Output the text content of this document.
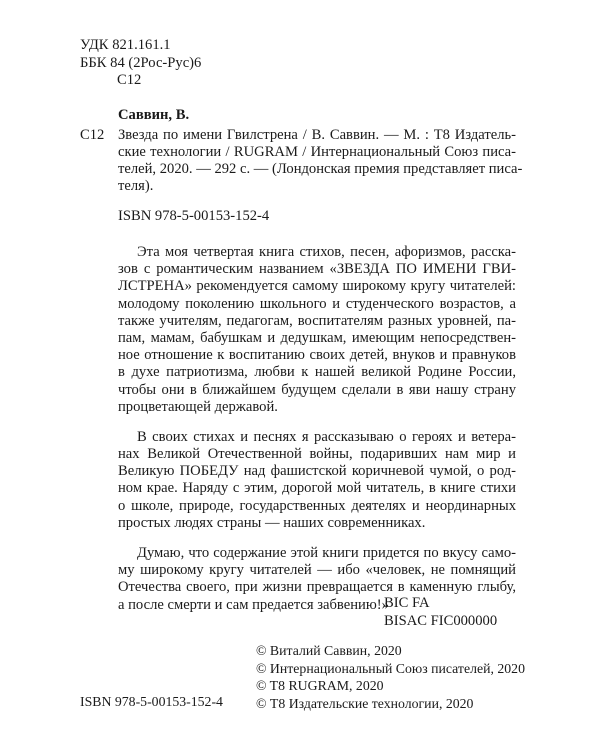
УДК 821.161.1
ББК 84 (2Рос-Рус)6
С12
Саввин, В.
С12 Звезда по имени Гвилстрена / В. Саввин. — М. : Т8 Издатель-
ские технологии / RUGRAM / Интернациональный Союз писа-
телей, 2020. — 292 с. — (Лондонская премия представляет писа-
теля).
ISBN 978-5-00153-152-4
Эта моя четвертая книга стихов, песен, афоризмов, расска-
зов с романтическим названием «ЗВЕЗДА ПО ИМЕНИ ГВИ-
ЛСТРЕНА» рекомендуется самому широкому кругу читателей:
молодому поколению школьного и студенческого возрастов, а
также учителям, педагогам, воспитателям разных уровней, па-
пам, мамам, бабушкам и дедушкам, имеющим непосредствен-
ное отношение к воспитанию своих детей, внуков и правнуков
в духе патриотизма, любви к нашей великой Родине России,
чтобы они в ближайшем будущем сделали в яви нашу страну
процветающей державой.
В своих стихах и песнях я рассказываю о героях и ветера-
нах Великой Отечественной войны, подаривших нам мир и
Великую ПОБЕДУ над фашистской коричневой чумой, о род-
ном крае. Наряду с этим, дорогой мой читатель, в книге стихи
о школе, природе, государственных деятелях и неординарных
простых людях страны — наших современниках.
Думаю, что содержание этой книги придется по вкусу само-
му широкому кругу читателей — ибо «человек, не помнящий
Отечества своего, при жизни превращается в каменную глыбу,
а после смерти и сам предается забвению!»
BIC FA
BISAC FIC000000
© Виталий Саввин, 2020
© Интернациональный Союз писателей, 2020
© T8 RUGRAM, 2020
© Т8 Издательские технологии, 2020
ISBN 978-5-00153-152-4
